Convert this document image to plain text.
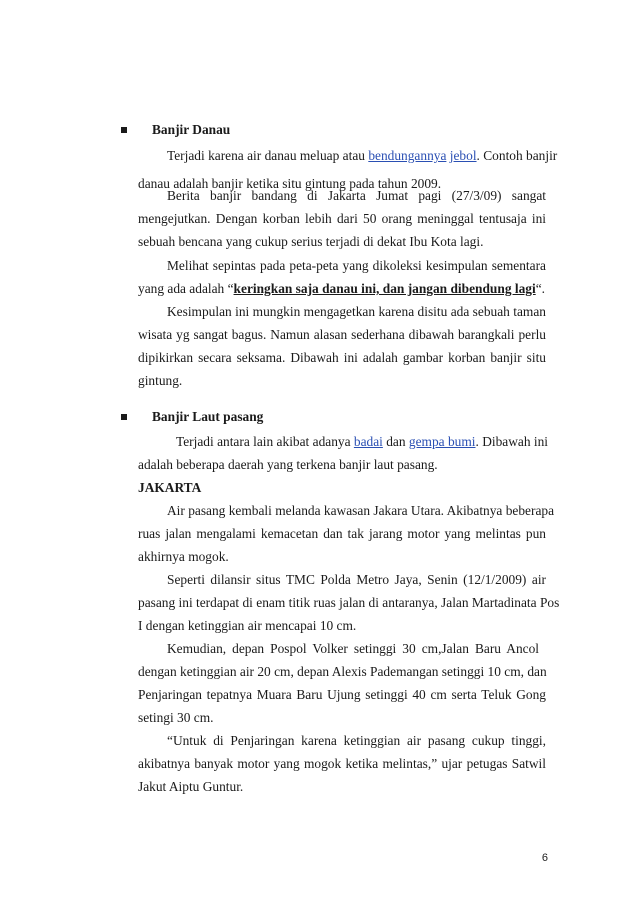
Banjir Danau
Terjadi karena air danau meluap atau bendungannya jebol. Contoh banjir
danau adalah banjir ketika situ gintung pada tahun 2009.
Berita banjir bandang di Jakarta Jumat pagi (27/3/09) sangat
mengejutkan. Dengan korban lebih dari 50 orang meninggal tentusaja ini
sebuah bencana yang cukup serius terjadi di dekat Ibu Kota lagi.
Melihat sepintas pada peta-peta yang dikoleksi kesimpulan sementara
yang ada adalah “keringkan saja danau ini, dan jangan dibendung lagi“.
Kesimpulan ini mungkin mengagetkan karena disitu ada sebuah taman
wisata yg sangat bagus. Namun alasan sederhana dibawah barangkali perlu
dipikirkan secara seksama. Dibawah ini adalah gambar korban banjir situ
gintung.
Banjir Laut pasang
Terjadi antara lain akibat adanya badai dan gempa bumi. Dibawah ini
adalah beberapa daerah yang terkena banjir laut pasang.
JAKARTA
Air pasang kembali melanda kawasan Jakara Utara. Akibatnya beberapa
ruas jalan mengalami kemacetan dan tak jarang motor yang melintas pun
akhirnya mogok.
Seperti dilansir situs TMC Polda Metro Jaya, Senin (12/1/2009) air
pasang ini terdapat di enam titik ruas jalan di antaranya, Jalan Martadinata Pos
I dengan ketinggian air mencapai 10 cm.
Kemudian, depan Pospol Volker setinggi 30 cm,Jalan Baru Ancol
dengan ketinggian air 20 cm, depan Alexis Pademangan setinggi 10 cm, dan
Penjaringan tepatnya Muara Baru Ujung setinggi 40 cm serta Teluk Gong
setingi 30 cm.
“Untuk di Penjaringan karena ketinggian air pasang cukup tinggi,
akibatnya banyak motor yang mogok ketika melintas,” ujar petugas Satwil
Jakut Aiptu Guntur.
6
